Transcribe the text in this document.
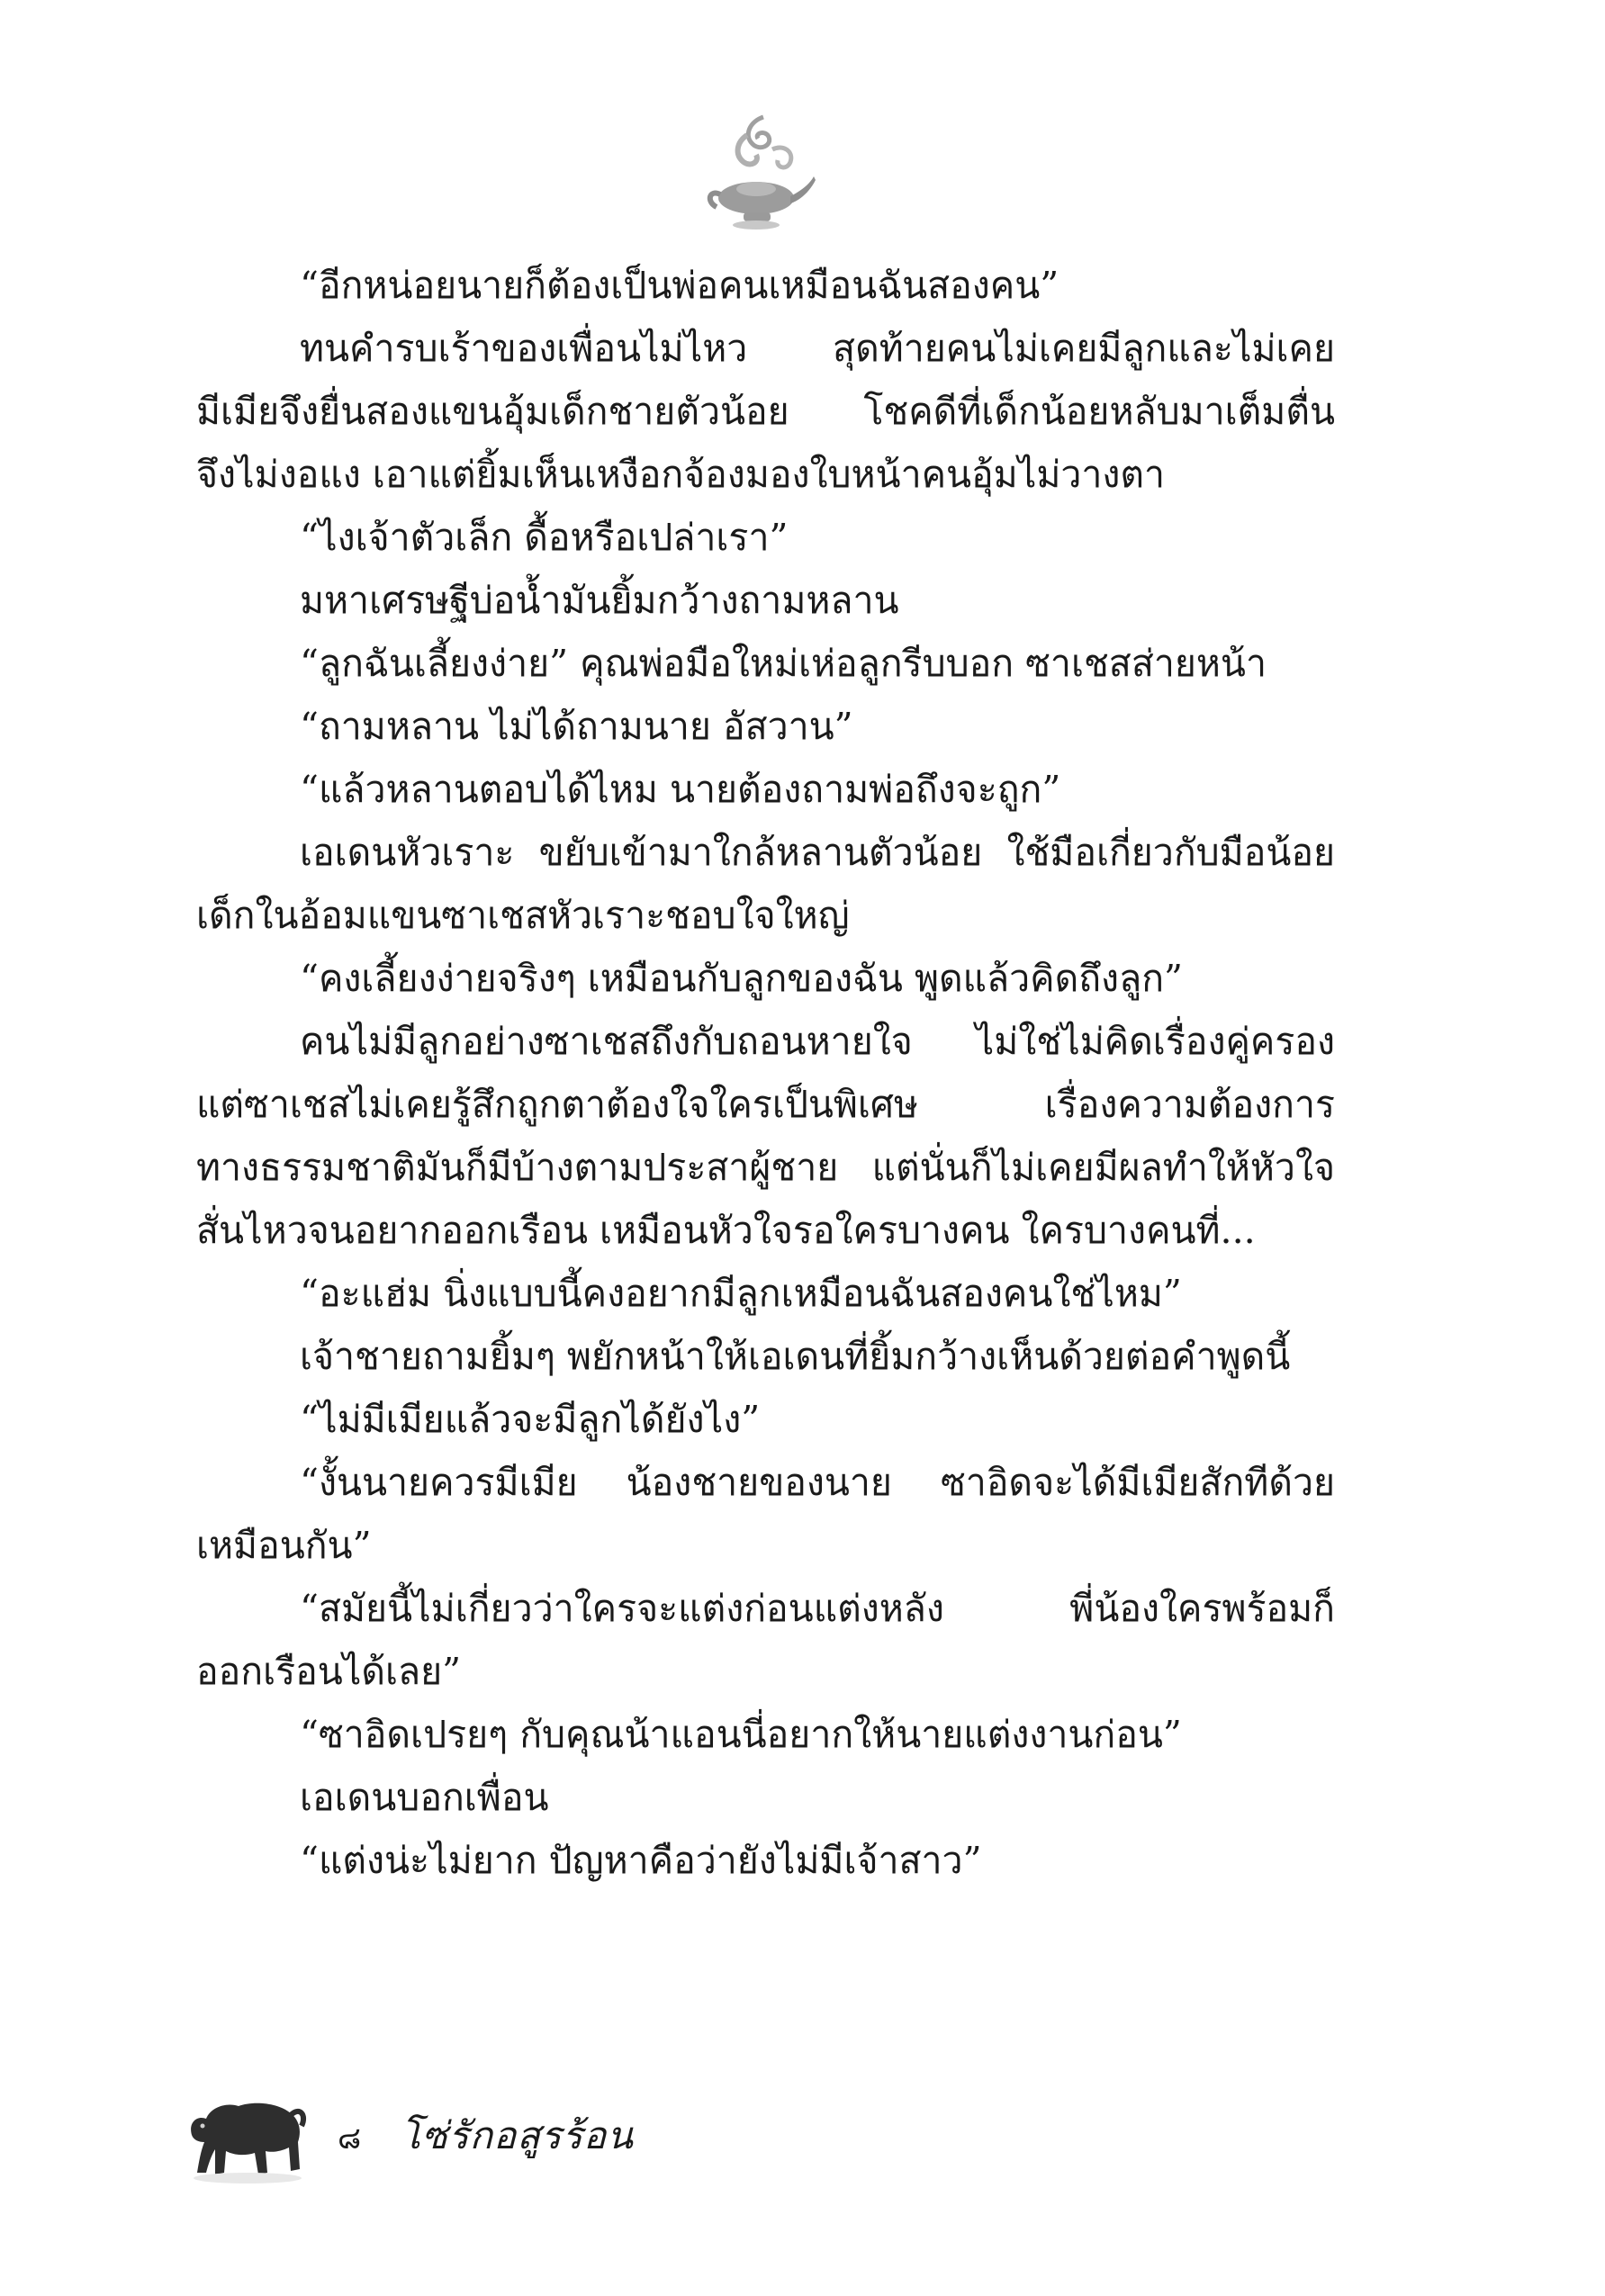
“อีกหน่อยนายก็ต้องเป็นพ่อคนเหมือนฉันสองคน”
ทนคำรบเร้าของเพื่อนไม่ไหว สุดท้ายคนไม่เคยมีลูกและไม่เคย
มีเมียจึงยื่นสองแขนอุ้มเด็กชายตัวน้อย โชคดีที่เด็กน้อยหลับมาเต็มตื่น
จึงไม่งอแง เอาแต่ยิ้มเห็นเหงือกจ้องมองใบหน้าคนอุ้มไม่วางตา
“ไงเจ้าตัวเล็ก ดื้อหรือเปล่าเรา”
มหาเศรษฐีบ่อน้ำมันยิ้มกว้างถามหลาน
“ลูกฉันเลี้ยงง่าย” คุณพ่อมือใหม่เห่อลูกรีบบอก ซาเชสส่ายหน้า
“ถามหลาน ไม่ได้ถามนาย อัสวาน”
“แล้วหลานตอบได้ไหม นายต้องถามพ่อถึงจะถูก”
เอเดนหัวเราะ ขยับเข้ามาใกล้หลานตัวน้อย ใช้มือเกี่ยวกับมือน้อย
เด็กในอ้อมแขนซาเชสหัวเราะชอบใจใหญ่
“คงเลี้ยงง่ายจริงๆ เหมือนกับลูกของฉัน พูดแล้วคิดถึงลูก”
คนไม่มีลูกอย่างซาเชสถึงกับถอนหายใจ ไม่ใช่ไม่คิดเรื่องคู่ครอง
แต่ซาเชสไม่เคยรู้สึกถูกตาต้องใจใครเป็นพิเศษ เรื่องความต้องการ
ทางธรรมชาติมันก็มีบ้างตามประสาผู้ชาย แต่นั่นก็ไม่เคยมีผลทำให้หัวใจ
สั่นไหวจนอยากออกเรือน เหมือนหัวใจรอใครบางคน ใครบางคนที่...
“อะแฮ่ม นิ่งแบบนี้คงอยากมีลูกเหมือนฉันสองคนใช่ไหม”
เจ้าชายถามยิ้มๆ พยักหน้าให้เอเดนที่ยิ้มกว้างเห็นด้วยต่อคำพูดนี้
“ไม่มีเมียแล้วจะมีลูกได้ยังไง”
“งั้นนายควรมีเมีย น้องชายของนาย ซาอิดจะได้มีเมียสักทีด้วย
เหมือนกัน”
“สมัยนี้ไม่เกี่ยวว่าใครจะแต่งก่อนแต่งหลัง พี่น้องใครพร้อมก็
ออกเรือนได้เลย”
“ซาอิดเปรยๆ กับคุณน้าแอนนี่อยากให้นายแต่งงานก่อน”
เอเดนบอกเพื่อน
“แต่งน่ะไม่ยาก ปัญหาคือว่ายังไม่มีเจ้าสาว”
๘ โซ่รักอสูรร้อน
